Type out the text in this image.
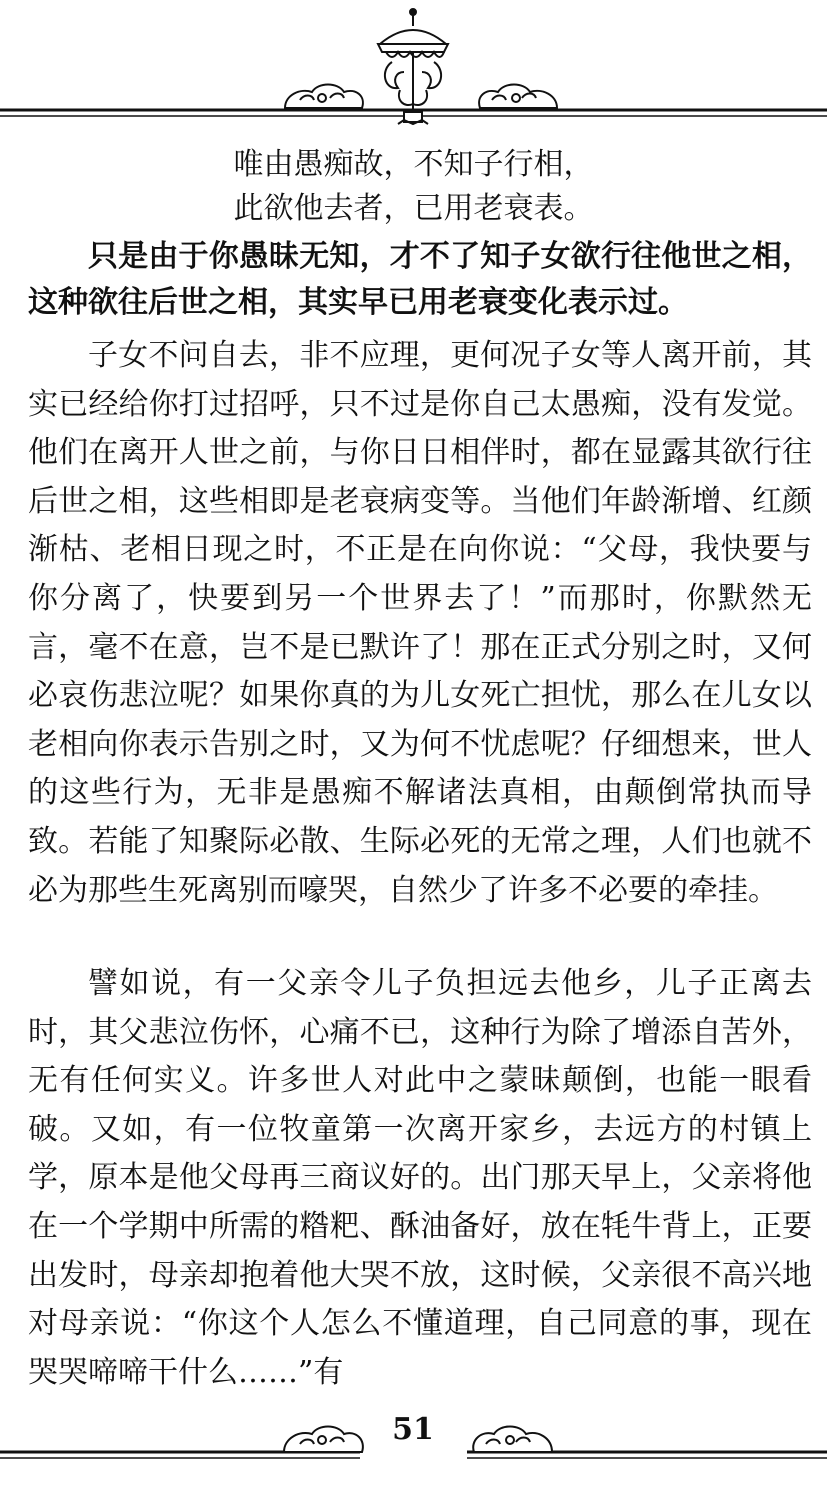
唯由愚痴故，不知子行相，
此欲他去者，已用老衰表。

只是由于你愚昧无知，才不了知子女欲行往他世之相，这种欲往后世之相，其实早已用老衰变化表示过。

子女不问自去，非不应理，更何况子女等人离开前，其实已经给你打过招呼，只不过是你自己太愚痴，没有发觉。他们在离开人世之前，与你日日相伴时，都在显露其欲行往后世之相，这些相即是老衰病变等。当他们年龄渐增、红颜渐枯、老相日现之时，不正是在向你说：“父母，我快要与你分离了，快要到另一个世界去了！”而那时，你默然无言，毫不在意，岂不是已默许了！那在正式分别之时，又何必哀伤悲泣呢？如果你真的为儿女死亡担忧，那么在儿女以老相向你表示告别之时，又为何不忧虑呢？仔细想来，世人的这些行为，无非是愚痴不解诸法真相，由颠倒常执而导致。若能了知聚际必散、生际必死的无常之理，人们也就不必为那些生死离别而嚎哭，自然少了许多不必要的牵挂。

譬如说，有一父亲令儿子负担远去他乡，儿子正离去时，其父悲泣伤怀，心痛不已，这种行为除了增添自苦外，无有任何实义。许多世人对此中之蒙昧颠倒，也能一眼看破。又如，有一位牧童第一次离开家乡，去远方的村镇上学，原本是他父母再三商议好的。出门那天早上，父亲将他在一个学期中所需的糌粑、酥油备好，放在牦牛背上，正要出发时，母亲却抱着他大哭不放，这时候，父亲很不高兴地对母亲说：“你这个人怎么不懂道理，自己同意的事，现在哭哭啼啼干什么……”有

51
